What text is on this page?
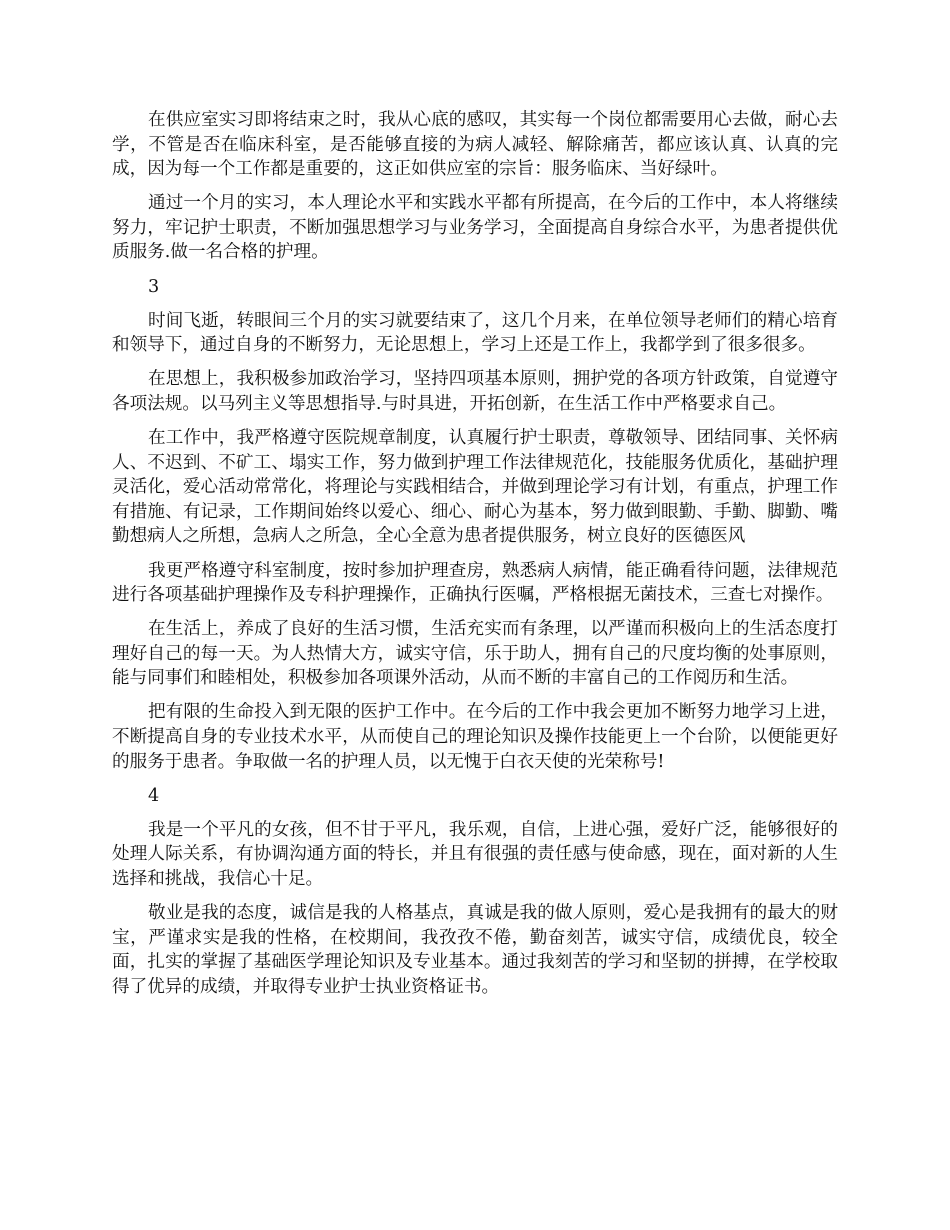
在供应室实习即将结束之时，我从心底的感叹，其实每一个岗位都需要用心去做，耐心去学，不管是否在临床科室，是否能够直接的为病人减轻、解除痛苦，都应该认真、认真的完成，因为每一个工作都是重要的，这正如供应室的宗旨：服务临床、当好绿叶。

通过一个月的实习，本人理论水平和实践水平都有所提高，在今后的工作中，本人将继续努力，牢记护士职责，不断加强思想学习与业务学习，全面提高自身综合水平，为患者提供优质服务.做一名合格的护理。

3

时间飞逝，转眼间三个月的实习就要结束了，这几个月来，在单位领导老师们的精心培育和领导下，通过自身的不断努力，无论思想上，学习上还是工作上，我都学到了很多很多。

在思想上，我积极参加政治学习，坚持四项基本原则，拥护党的各项方针政策，自觉遵守各项法规。以马列主义等思想指导.与时具进，开拓创新，在生活工作中严格要求自己。

在工作中，我严格遵守医院规章制度，认真履行护士职责，尊敬领导、团结同事、关怀病人、不迟到、不矿工、塌实工作，努力做到护理工作法律规范化，技能服务优质化，基础护理灵活化，爱心活动常常化，将理论与实践相结合，并做到理论学习有计划，有重点，护理工作有措施、有记录，工作期间始终以爱心、细心、耐心为基本，努力做到眼勤、手勤、脚勤、嘴勤想病人之所想，急病人之所急，全心全意为患者提供服务，树立良好的医德医风

我更严格遵守科室制度，按时参加护理查房，熟悉病人病情，能正确看待问题，法律规范进行各项基础护理操作及专科护理操作，正确执行医嘱，严格根据无菌技术，三查七对操作。

在生活上，养成了良好的生活习惯，生活充实而有条理，以严谨而积极向上的生活态度打理好自己的每一天。为人热情大方，诚实守信，乐于助人，拥有自己的尺度均衡的处事原则，能与同事们和睦相处，积极参加各项课外活动，从而不断的丰富自己的工作阅历和生活。

把有限的生命投入到无限的医护工作中。在今后的工作中我会更加不断努力地学习上进，不断提高自身的专业技术水平，从而使自己的理论知识及操作技能更上一个台阶，以便能更好的服务于患者。争取做一名的护理人员，以无愧于白衣天使的光荣称号!

4

我是一个平凡的女孩，但不甘于平凡，我乐观，自信，上进心强，爱好广泛，能够很好的处理人际关系，有协调沟通方面的特长，并且有很强的责任感与使命感，现在，面对新的人生选择和挑战，我信心十足。

敬业是我的态度，诚信是我的人格基点，真诚是我的做人原则，爱心是我拥有的最大的财宝，严谨求实是我的性格，在校期间，我孜孜不倦，勤奋刻苦，诚实守信，成绩优良，较全面，扎实的掌握了基础医学理论知识及专业基本。通过我刻苦的学习和坚韧的拼搏，在学校取得了优异的成绩，并取得专业护士执业资格证书。
